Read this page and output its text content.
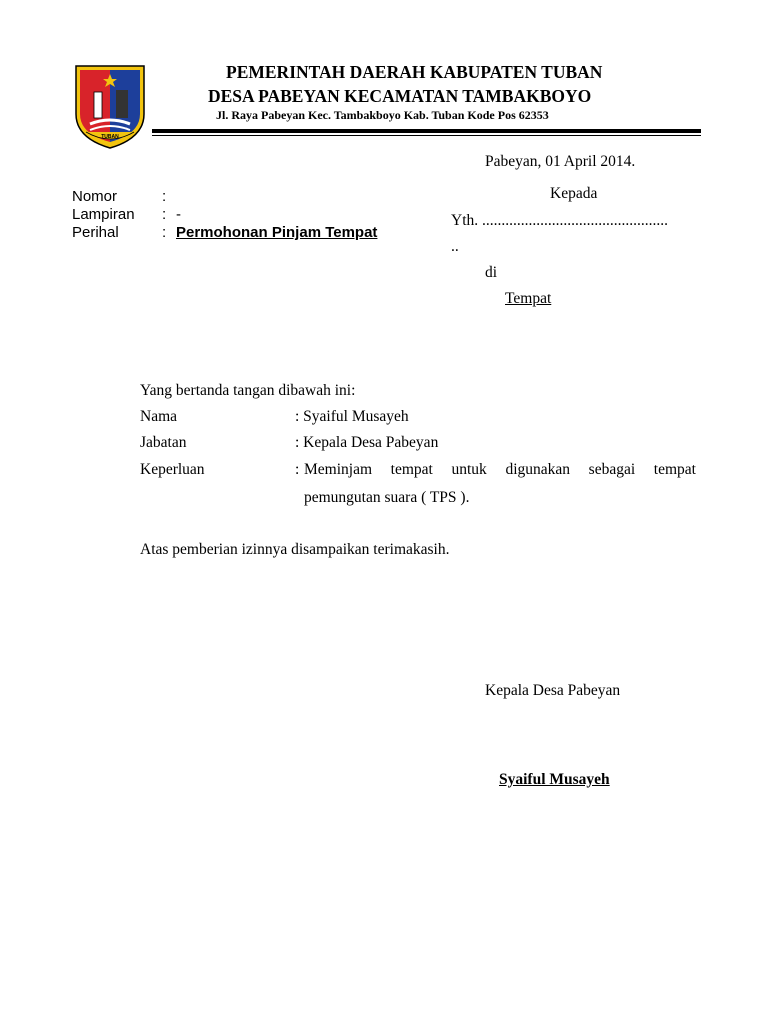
TUBAN
PEMERINTAH DAERAH KABUPATEN TUBAN
DESA PABEYAN KECAMATAN TAMBAKBOYO
Jl. Raya Pabeyan Kec. Tambakboyo Kab. Tuban Kode Pos 62353
Pabeyan, 01 April 2014.
Nomor	:
Lampiran : -
Perihal	: Permohonan Pinjam Tempat
Kepada
Yth. ................................................
..
di
Tempat
Yang bertanda tangan dibawah ini:
Nama	: Syaiful Musayeh
Jabatan	: Kepala Desa Pabeyan
Keperluan	: Meminjam tempat untuk digunakan sebagai tempat
pemungutan suara ( TPS ).
Atas pemberian izinnya disampaikan terimakasih.
Kepala Desa Pabeyan
Syaiful Musayeh
